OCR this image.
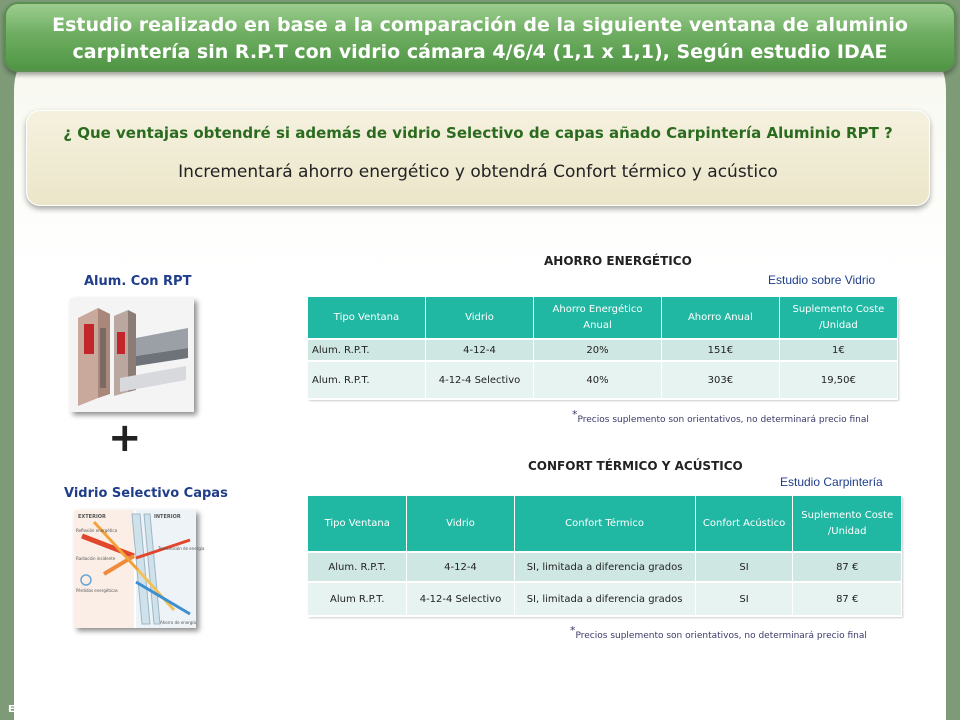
Estudio realizado en base a la comparación de la siguiente ventana de aluminio
carpintería sin R.P.T con vidrio cámara 4/6/4 (1,1 x 1,1), Según estudio IDAE
¿ Que ventajas obtendré si además de vidrio Selectivo de capas añado Carpintería Aluminio RPT ?
Incrementará ahorro energético y obtendrá Confort térmico y acústico
Alum. Con RPT
+
Vidrio Selectivo Capas
EXTERIOR	INTERIOR
Reflexión energética
Radiación incidente
Pérdidas energéticas
Transmisión de energía
Ahorro de energía
AHORRO ENERGÉTICO
Estudio sobre Vidrio
Tipo Ventana	Vidrio	Ahorro Energético Anual	Ahorro Anual	Suplemento Coste /Unidad
Alum. R.P.T.	4-12-4	20%	151€	1€
Alum. R.P.T.	4-12-4 Selectivo	40%	303€	19,50€
*Precios suplemento son orientativos, no determinará precio final
CONFORT TÉRMICO Y ACÚSTICO
Estudio Carpintería
Tipo Ventana	Vidrio	Confort Térmico	Confort Acústico	Suplemento Coste /Unidad
Alum. R.P.T.	4-12-4	SI, limitada a diferencia grados	SI	87 €
Alum R.P.T.	4-12-4 Selectivo	SI, limitada a diferencia grados	SI	87 €
*Precios suplemento son orientativos, no determinará precio final
Energías ren
